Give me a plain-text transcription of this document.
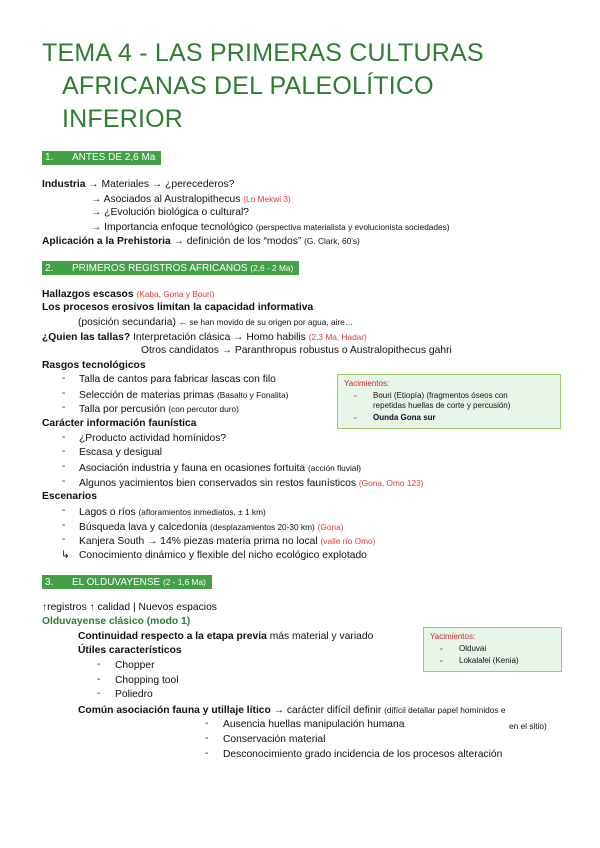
TEMA 4 - LAS PRIMERAS CULTURAS
AFRICANAS DEL PALEOLÍTICO
INFERIOR
1. ANTES DE 2,6 Ma
Industria → Materiales → ¿perecederos?
→ Asociados al Australopithecus (Lo Mekwi 3)
→ ¿Evolución biológica o cultural?
→ Importancia enfoque tecnológico (perspectiva materialista y evolucionista sociedades)
Aplicación a la Prehistoria → definición de los “modos” (G. Clark, 60’s)
2. PRIMEROS REGISTROS AFRICANOS (2,6 - 2 Ma)
Hallazgos escasos (Kaba, Gona y Bouri)
Los procesos erosivos limitan la capacidad informativa
(posición secundaria) ← se han movido de su origen por agua, aire…
¿Quien las tallas? Interpretación clásica → Homo habilis (2,3 Ma, Hadar)
Otros candidatos → Paranthropus robustus o Australopithecus gahri
Rasgos tecnológicos
- Talla de cantos para fabricar lascas con filo
- Selección de materias primas (Basalto y Fonalita)
- Talla por percusión (con percutor duro)
Yacimientos:
- Bouri (Etiopía) (fragmentos óseos con
repetidas huellas de corte y percusión)
- Ounda Gona sur
Carácter información faunística
- ¿Producto actividad homínidos?
- Escasa y desigual
- Asociación industria y fauna en ocasiones fortuita (acción fluvial)
- Algunos yacimientos bien conservados sin restos faunísticos (Gona, Omo 123)
Escenarios
- Lagos o ríos (afloramientos inmediatos, ± 1 km)
- Búsqueda lava y calcedonia (desplazamientos 20-30 km) (Gona)
- Kanjera South → 14% piezas materia prima no local (valle río Omo)
↳ Conocimiento dinámico y flexible del nicho ecológico explotado
3. EL OLDUVAYENSE (2 - 1,6 Ma)
↑registros ↑ calidad | Nuevos espacios
Olduvayense clásico (modo 1)
Continuidad respecto a la etapa previa más material y variado
Útiles característicos
- Chopper
- Chopping tool
- Poliedro
Yacimientos:
- Olduvai
- Lokalalei (Kenia)
Común asociación fauna y utillaje lítico → carácter difícil definir (difícil detallar papel homínidos e
en el sitio)
- Ausencia huellas manipulación humana
- Conservación material
- Desconocimiento grado incidencia de los procesos alteración
